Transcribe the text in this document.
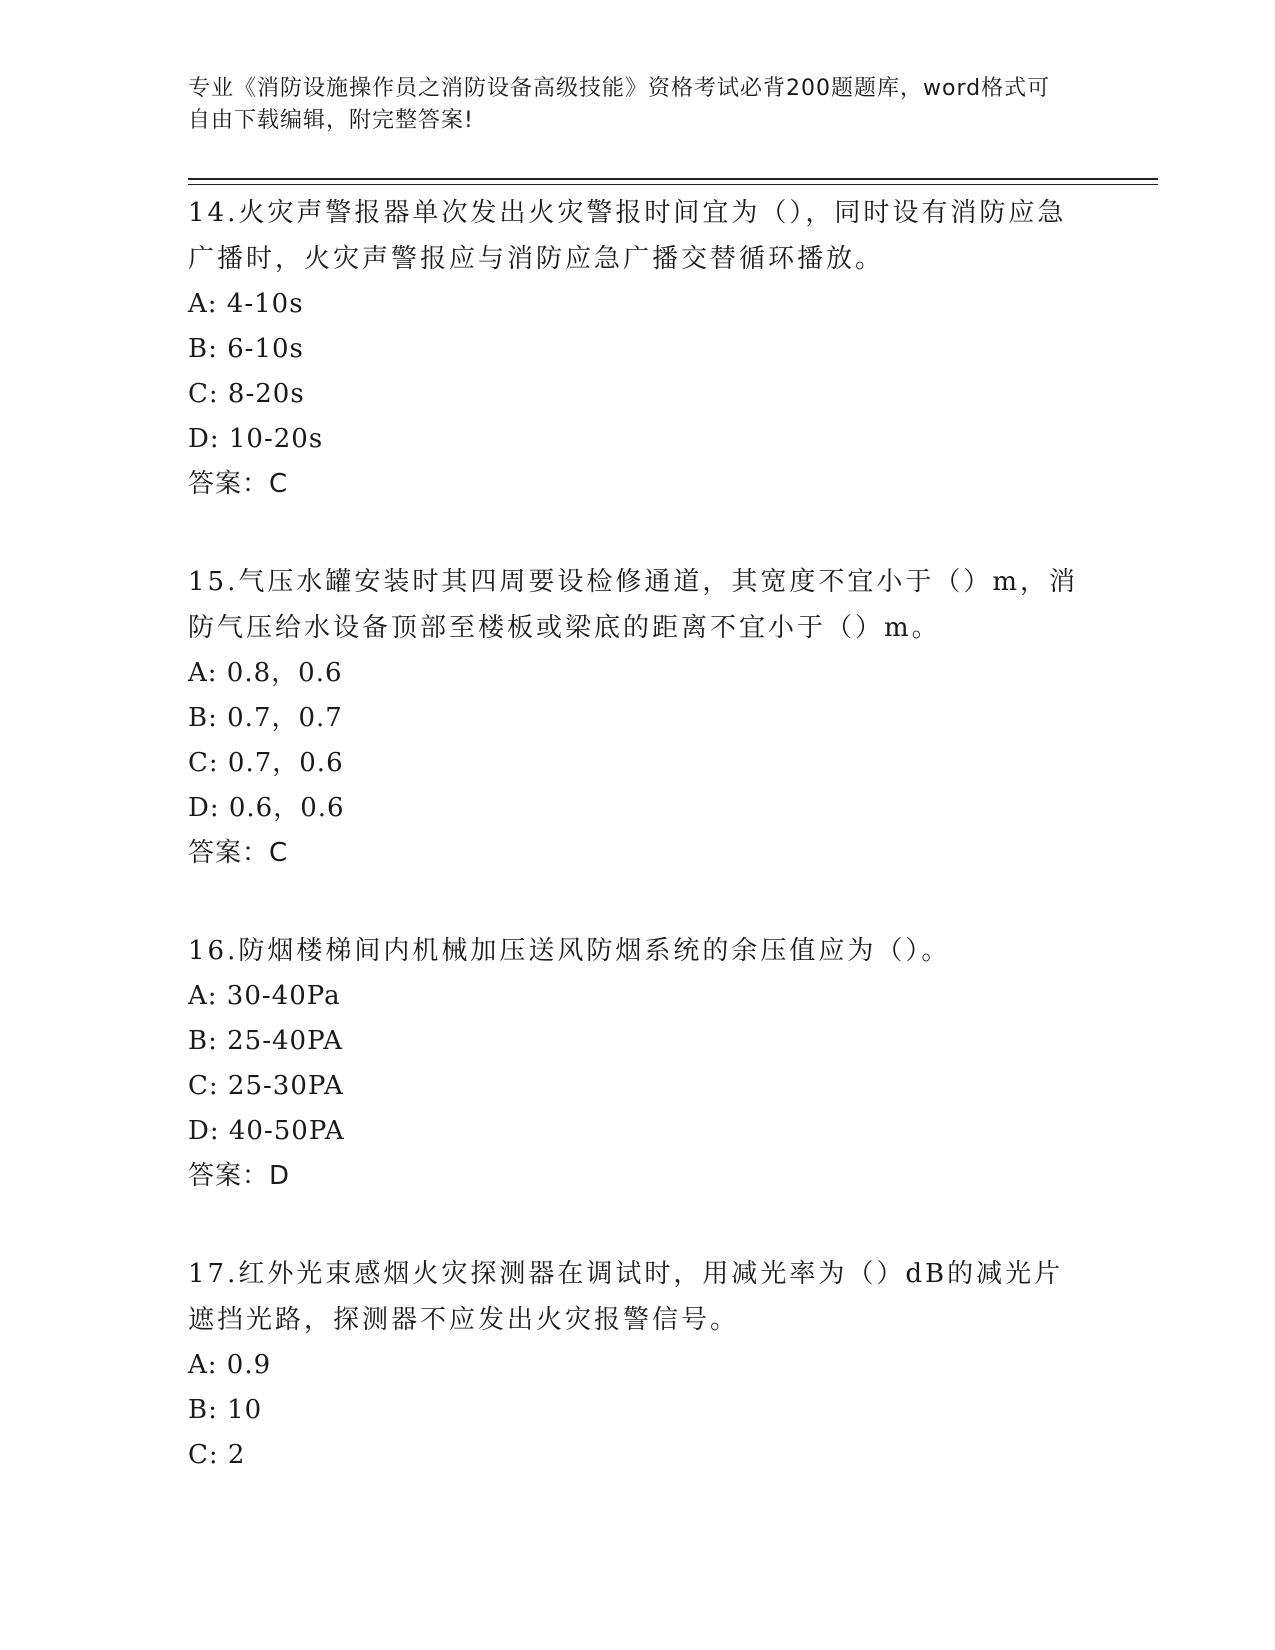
专业《消防设施操作员之消防设备高级技能》资格考试必背200题题库，word格式可自由下载编辑，附完整答案!
14.火灾声警报器单次发出火灾警报时间宜为（），同时设有消防应急广播时，火灾声警报应与消防应急广播交替循环播放。
A: 4-10s
B: 6-10s
C: 8-20s
D: 10-20s
答案：C
15.气压水罐安装时其四周要设检修通道，其宽度不宜小于（）m，消防气压给水设备顶部至楼板或梁底的距离不宜小于（）m。
A: 0.8，0.6
B: 0.7，0.7
C: 0.7，0.6
D: 0.6，0.6
答案：C
16.防烟楼梯间内机械加压送风防烟系统的余压值应为（）。
A: 30-40Pa
B: 25-40PA
C: 25-30PA
D: 40-50PA
答案：D
17.红外光束感烟火灾探测器在调试时，用减光率为（）dB的减光片遮挡光路，探测器不应发出火灾报警信号。
A: 0.9
B: 10
C: 2
